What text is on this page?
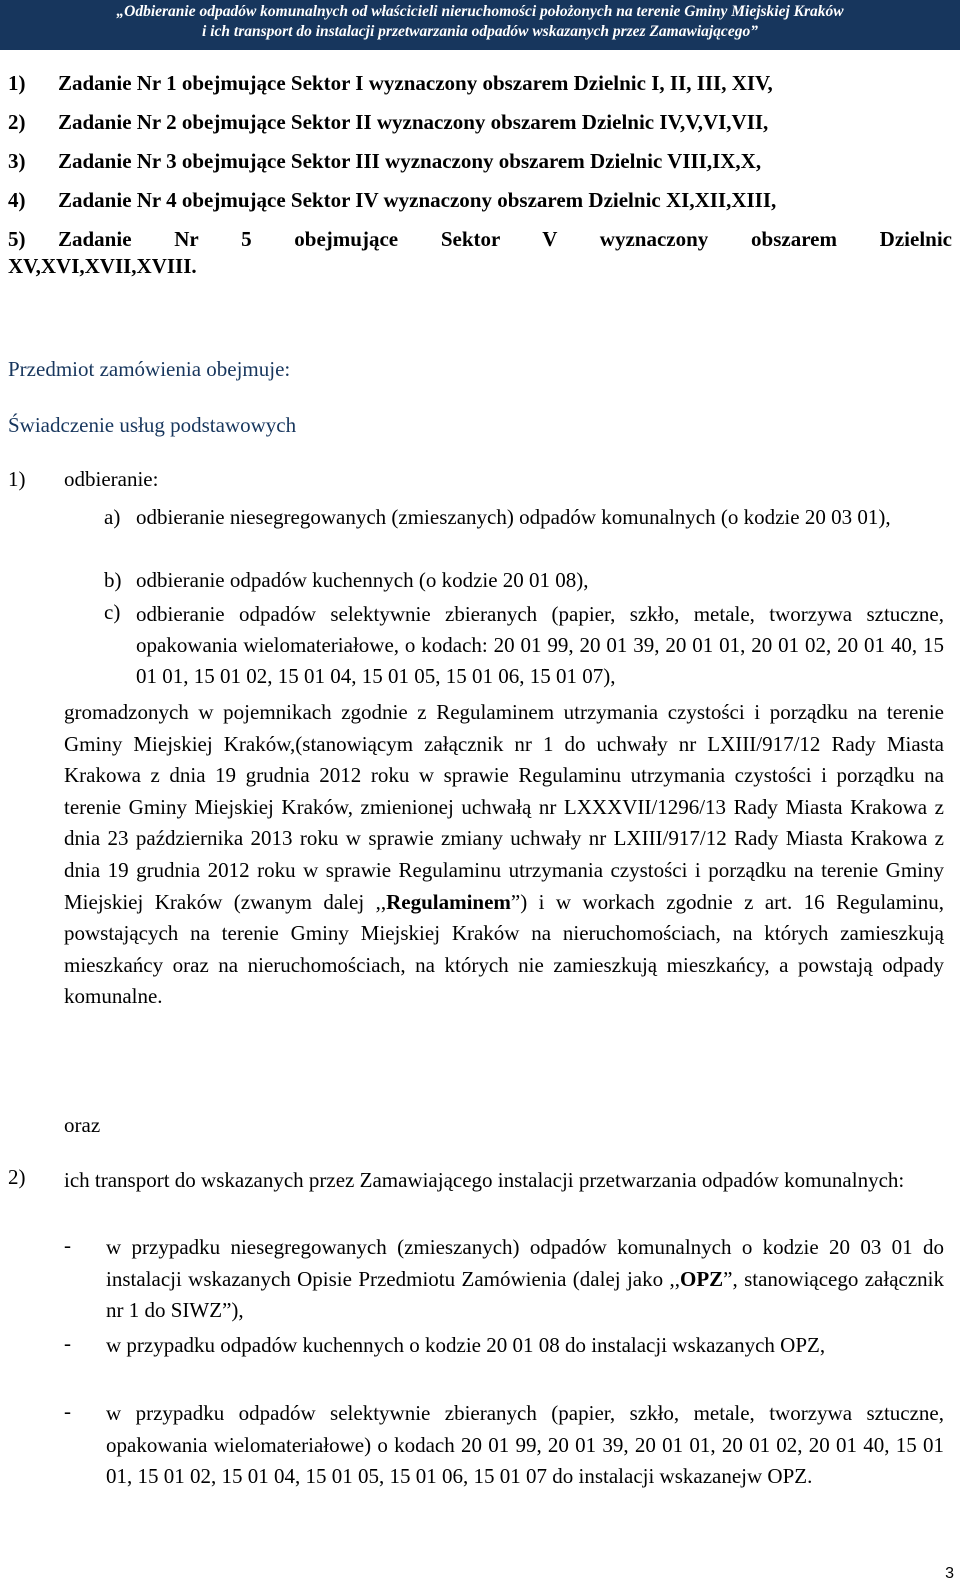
„Odbieranie odpadów komunalnych od właścicieli nieruchomości położonych na terenie Gminy Miejskiej Kraków
i ich transport do instalacji przetwarzania odpadów wskazanych przez Zamawiającego”
1) Zadanie Nr 1 obejmujące Sektor I wyznaczony obszarem Dzielnic I, II, III, XIV,
2) Zadanie Nr 2 obejmujące Sektor II wyznaczony obszarem Dzielnic IV,V,VI,VII,
3) Zadanie Nr 3 obejmujące Sektor III wyznaczony obszarem Dzielnic VIII,IX,X,
4) Zadanie Nr 4 obejmujące Sektor IV wyznaczony obszarem Dzielnic XI,XII,XIII,
5) Zadanie Nr 5 obejmujące Sektor V wyznaczony obszarem Dzielnic
XV,XVI,XVII,XVIII.
Przedmiot zamówienia obejmuje:
Świadczenie usług podstawowych
1) odbieranie:
a) odbieranie niesegregowanych (zmieszanych) odpadów komunalnych (o kodzie 20 03 01),
b) odbieranie odpadów kuchennych (o kodzie 20 01 08),
c) odbieranie odpadów selektywnie zbieranych (papier, szkło, metale, tworzywa sztuczne, opakowania wielomateriałowe, o kodach: 20 01 99, 20 01 39, 20 01 01, 20 01 02, 20 01 40, 15 01 01, 15 01 02, 15 01 04, 15 01 05, 15 01 06, 15 01 07),
gromadzonych w pojemnikach zgodnie z Regulaminem utrzymania czystości i porządku na terenie Gminy Miejskiej Kraków,(stanowiącym załącznik nr 1 do uchwały nr LXIII/917/12 Rady Miasta Krakowa z dnia 19 grudnia 2012 roku w sprawie Regulaminu utrzymania czystości i porządku na terenie Gminy Miejskiej Kraków, zmienionej uchwałą nr LXXXVII/1296/13 Rady Miasta Krakowa z dnia 23 października 2013 roku w sprawie zmiany uchwały nr LXIII/917/12 Rady Miasta Krakowa z dnia 19 grudnia 2012 roku w sprawie Regulaminu utrzymania czystości i porządku na terenie Gminy Miejskiej Kraków (zwanym dalej ,,Regulaminem”) i w workach zgodnie z art. 16 Regulaminu, powstających na terenie Gminy Miejskiej Kraków na nieruchomościach, na których zamieszkują mieszkańcy oraz na nieruchomościach, na których nie zamieszkują mieszkańcy, a powstają odpady komunalne.
oraz
2) ich transport do wskazanych przez Zamawiającego instalacji przetwarzania odpadów komunalnych:
- w przypadku niesegregowanych (zmieszanych) odpadów komunalnych o kodzie 20 03 01 do instalacji wskazanych Opisie Przedmiotu Zamówienia (dalej jako ,,OPZ”, stanowiącego załącznik nr 1 do SIWZ”),
- w przypadku odpadów kuchennych o kodzie 20 01 08 do instalacji wskazanych OPZ,
- w przypadku odpadów selektywnie zbieranych (papier, szkło, metale, tworzywa sztuczne, opakowania wielomateriałowe) o kodach 20 01 99, 20 01 39, 20 01 01, 20 01 02, 20 01 40, 15 01 01, 15 01 02, 15 01 04, 15 01 05, 15 01 06, 15 01 07 do instalacji wskazanejw OPZ.
3
